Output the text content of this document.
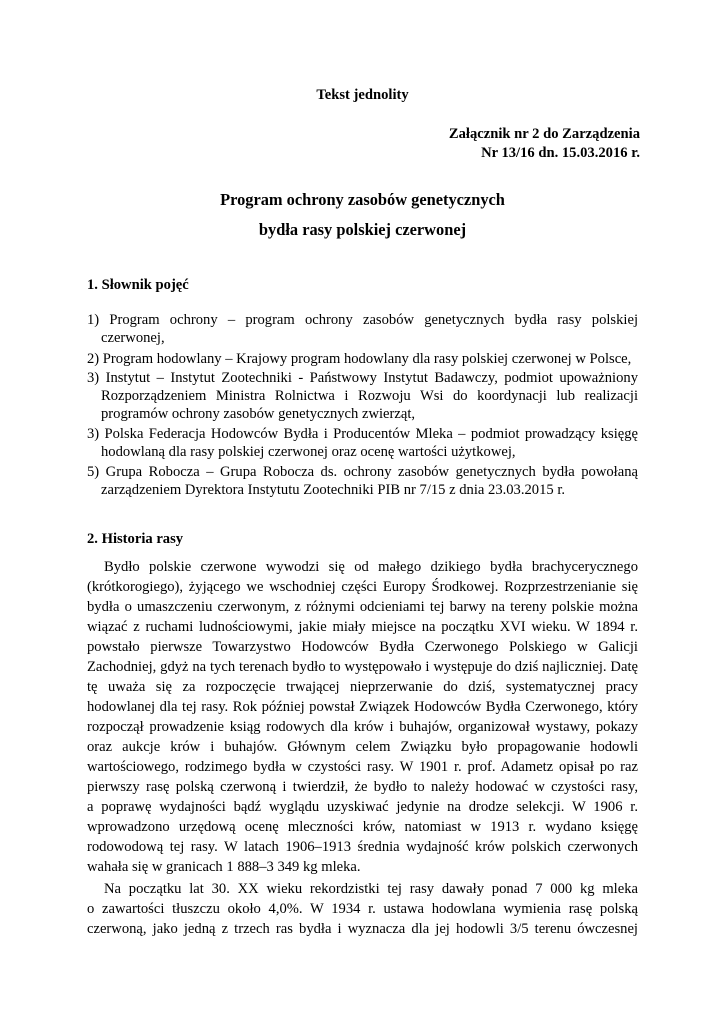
Tekst jednolity
Załącznik nr 2 do Zarządzenia
Nr 13/16 dn. 15.03.2016 r.
Program ochrony zasobów genetycznych
bydła rasy polskiej czerwonej
1. Słownik pojęć
1) Program ochrony – program ochrony zasobów genetycznych bydła rasy polskiej
czerwonej,
2) Program hodowlany – Krajowy program hodowlany dla rasy polskiej czerwonej w Polsce,
3) Instytut – Instytut Zootechniki - Państwowy Instytut Badawczy, podmiot upoważniony
Rozporządzeniem Ministra Rolnictwa i Rozwoju Wsi do koordynacji lub realizacji
programów ochrony zasobów genetycznych zwierząt,
3) Polska Federacja Hodowców Bydła i Producentów Mleka – podmiot prowadzący księgę
hodowlaną dla rasy polskiej czerwonej oraz ocenę wartości użytkowej,
5) Grupa Robocza – Grupa Robocza ds. ochrony zasobów genetycznych bydła powołaną
zarządzeniem Dyrektora Instytutu Zootechniki PIB nr 7/15 z dnia 23.03.2015 r.
2. Historia rasy
Bydło polskie czerwone wywodzi się od małego dzikiego bydła brachycerycznego
(krótkorogiego), żyjącego we wschodniej części Europy Środkowej. Rozprzestrzenianie się
bydła o umaszczeniu czerwonym, z różnymi odcieniami tej barwy na tereny polskie można
wiązać z ruchami ludnościowymi, jakie miały miejsce na początku XVI wieku. W 1894 r.
powstało pierwsze Towarzystwo Hodowców Bydła Czerwonego Polskiego w Galicji
Zachodniej, gdyż na tych terenach bydło to występowało i występuje do dziś najliczniej. Datę
tę uważa się za rozpoczęcie trwającej nieprzerwanie do dziś, systematycznej pracy
hodowlanej dla tej rasy. Rok później powstał Związek Hodowców Bydła Czerwonego, który
rozpoczął prowadzenie ksiąg rodowych dla krów i buhajów, organizował wystawy, pokazy
oraz aukcje krów i buhajów. Głównym celem Związku było propagowanie hodowli
wartościowego, rodzimego bydła w czystości rasy. W 1901 r. prof. Adametz opisał po raz
pierwszy rasę polską czerwoną i twierdził, że bydło to należy hodować w czystości rasy,
a poprawę wydajności bądź wyglądu uzyskiwać jedynie na drodze selekcji. W 1906 r.
wprowadzono urzędową ocenę mleczności krów, natomiast w 1913 r. wydano księgę
rodowodową tej rasy. W latach 1906–1913 średnia wydajność krów polskich czerwonych
wahała się w granicach 1 888–3 349 kg mleka.
Na początku lat 30. XX wieku rekordzistki tej rasy dawały ponad 7 000 kg mleka
o zawartości tłuszczu około 4,0%. W 1934 r. ustawa hodowlana wymienia rasę polską
czerwoną, jako jedną z trzech ras bydła i wyznacza dla jej hodowli 3/5 terenu ówczesnej
